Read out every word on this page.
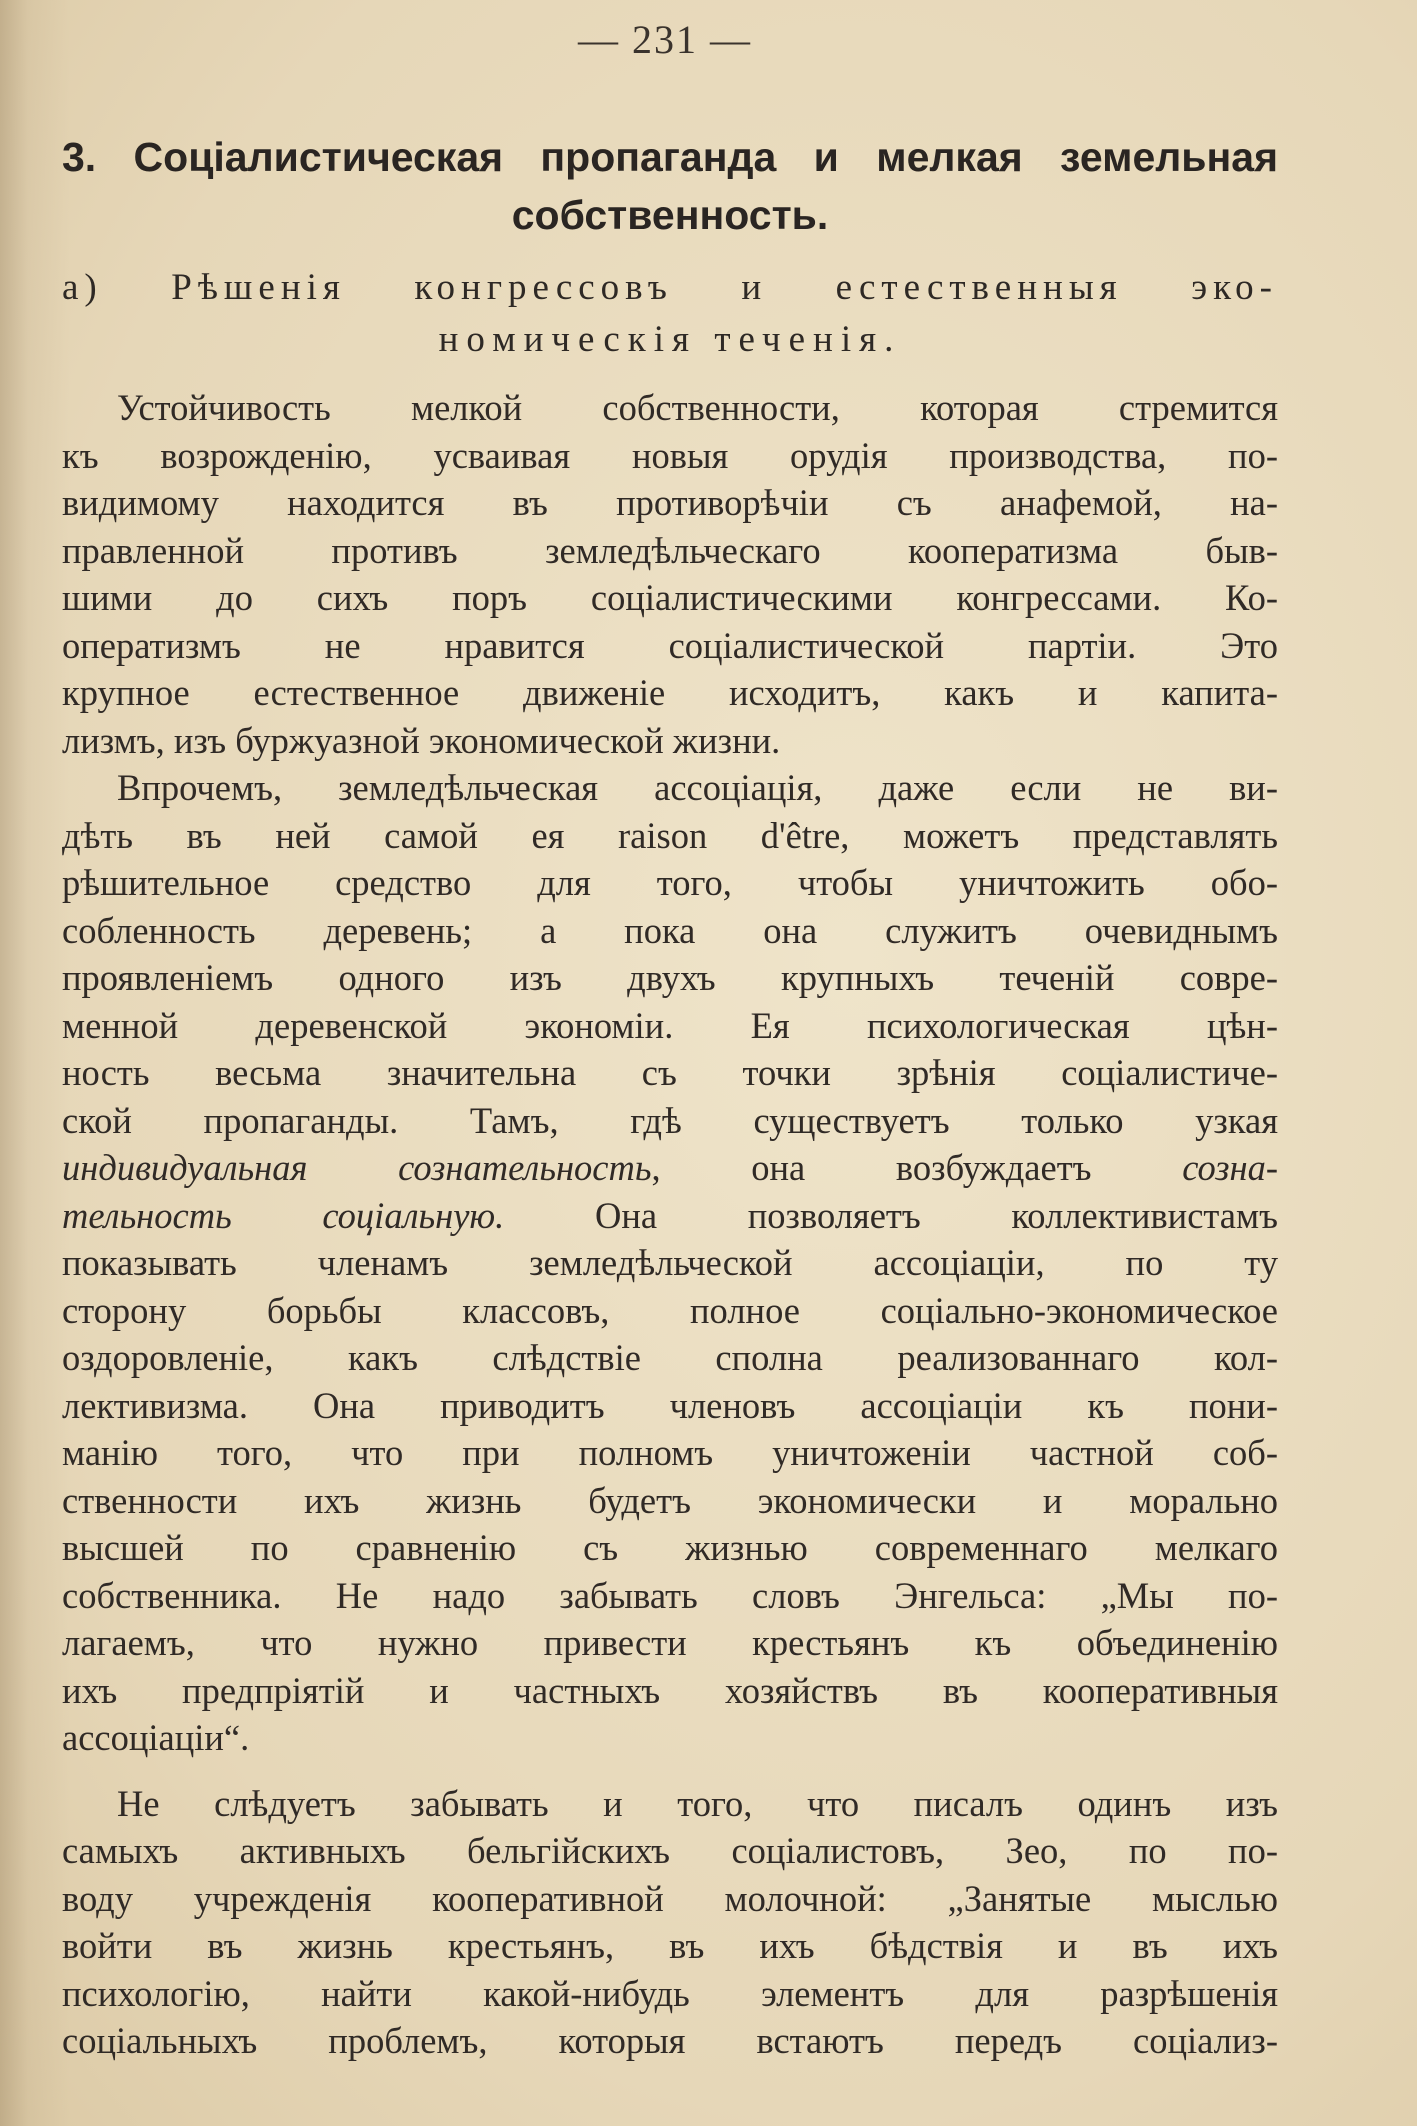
— 231 —
3. Соціалистическая пропаганда и мелкая земельная
собственность.
а) Рѣшенія конгрессовъ и естественныя эко-
номическія теченія.
Устойчивость мелкой собственности, которая стремится
къ возрожденію, усваивая новыя орудія производства, по-
видимому находится въ противорѣчіи съ анафемой, на-
правленной противъ земледѣльческаго кооператизма быв-
шими до сихъ поръ соціалистическими конгрессами. Ко-
оператизмъ не нравится соціалистической партіи. Это
крупное естественное движеніе исходитъ, какъ и капита-
лизмъ, изъ буржуазной экономической жизни.
Впрочемъ, земледѣльческая ассоціація, даже если не ви-
дѣть въ ней самой ея raison d'être, можетъ представлять
рѣшительное средство для того, чтобы уничтожить обо-
собленность деревень; а пока она служитъ очевиднымъ
проявленіемъ одного изъ двухъ крупныхъ теченій совре-
менной деревенской экономіи. Ея психологическая цѣн-
ность весьма значительна съ точки зрѣнія соціалистиче-
ской пропаганды. Тамъ, гдѣ существуетъ только узкая
индивидуальная сознательность, она возбуждаетъ созна-
тельность соціальную. Она позволяетъ коллективистамъ
показывать членамъ земледѣльческой ассоціаціи, по ту
сторону борьбы классовъ, полное соціально-экономическое
оздоровленіе, какъ слѣдствіе сполна реализованнаго кол-
лективизма. Она приводитъ членовъ ассоціаціи къ пони-
манію того, что при полномъ уничтоженіи частной соб-
ственности ихъ жизнь будетъ экономически и морально
высшей по сравненію съ жизнью современнаго мелкаго
собственника. Не надо забывать словъ Энгельса: „Мы по-
лагаемъ, что нужно привести крестьянъ къ объединенію
ихъ предпріятій и частныхъ хозяйствъ въ кооперативныя
ассоціаціи“.
Не слѣдуетъ забывать и того, что писалъ одинъ изъ
самыхъ активныхъ бельгійскихъ соціалистовъ, Зео, по по-
воду учрежденія кооперативной молочной: „Занятые мыслью
войти въ жизнь крестьянъ, въ ихъ бѣдствія и въ ихъ
психологію, найти какой-нибудь элементъ для разрѣшенія
соціальныхъ проблемъ, которыя встаютъ передъ соціализ-
